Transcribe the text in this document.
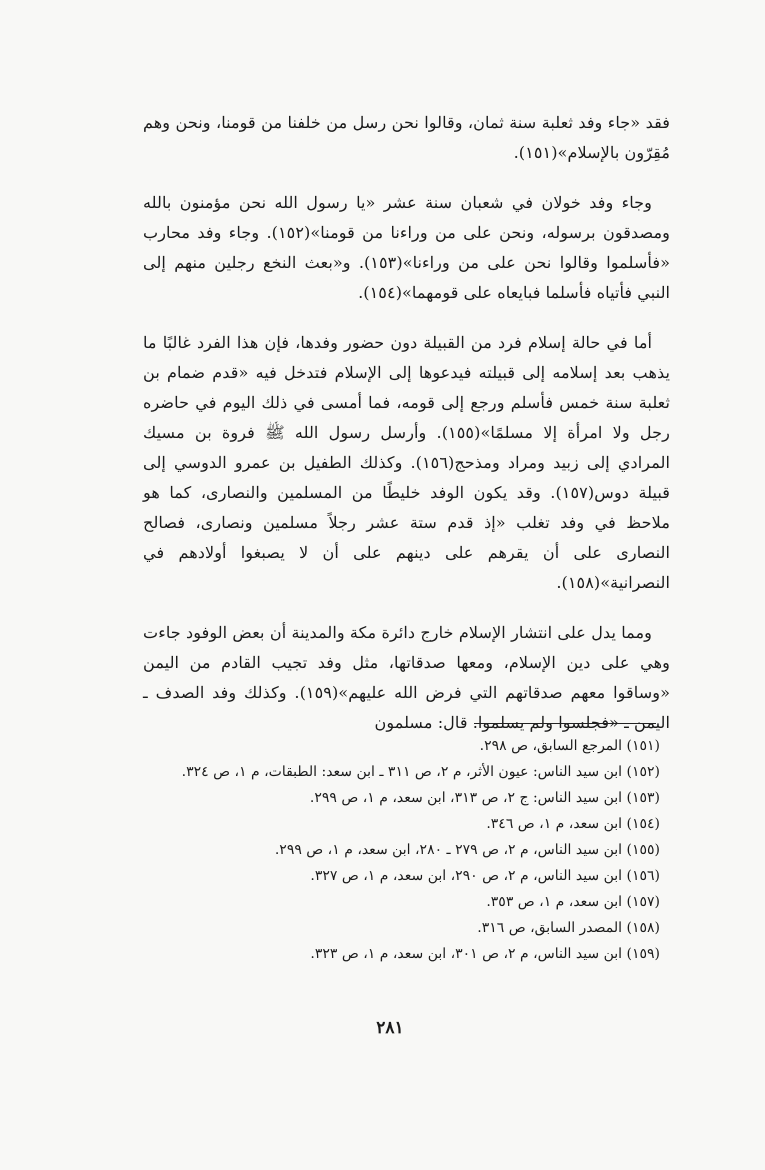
فقد «جاء وفد ثعلبة سنة ثمان، وقالوا نحن رسل من خلفنا من قومنا، ونحن وهم مُقِرّون بالإسلام»(١٥١).

وجاء وفد خولان في شعبان سنة عشر «يا رسول الله نحن مؤمنون بالله ومصدقون برسوله، ونحن على من وراءنا من قومنا»(١٥٢). وجاء وفد محارب «فأسلموا وقالوا نحن على من وراءنا»(١٥٣). و«بعث النخع رجلين منهم إلى النبي فأتياه فأسلما فبايعاه على قومهما»(١٥٤).

أما في حالة إسلام فرد من القبيلة دون حضور وفدها، فإن هذا الفرد غالبًا ما يذهب بعد إسلامه إلى قبيلته فيدعوها إلى الإسلام فتدخل فيه «قدم ضمام بن ثعلبة سنة خمس فأسلم ورجع إلى قومه، فما أمسى في ذلك اليوم في حاضره رجل ولا امرأة إلا مسلمًا»(١٥٥). وأرسل رسول الله ﷺ فروة بن مسيك المرادي إلى زبيد ومراد ومذحج(١٥٦). وكذلك الطفيل بن عمرو الدوسي إلى قبيلة دوس(١٥٧). وقد يكون الوفد خليطًا من المسلمين والنصارى، كما هو ملاحظ في وفد تغلب «إذ قدم ستة عشر رجلاً مسلمين ونصارى، فصالح النصارى على أن يقرهم على دينهم على أن لا يصبغوا أولادهم في النصرانية»(١٥٨).

ومما يدل على انتشار الإسلام خارج دائرة مكة والمدينة أن بعض الوفود جاءت وهي على دين الإسلام، ومعها صدقاتها، مثل وفد تجيب القادم من اليمن «وساقوا معهم صدقاتهم التي فرض الله عليهم»(١٥٩). وكذلك وفد الصدف ـ اليمن ـ «فجلسوا ولم يسلموا. قال: مسلمون

(١٥١) المرجع السابق، ص ٢٩٨.
(١٥٢) ابن سيد الناس: عيون الأثر، م ٢، ص ٣١١ ـ ابن سعد: الطبقات، م ١، ص ٣٢٤.
(١٥٣) ابن سيد الناس: ج ٢، ص ٣١٣، ابن سعد، م ١، ص ٢٩٩.
(١٥٤) ابن سعد، م ١، ص ٣٤٦.
(١٥٥) ابن سيد الناس، م ٢، ص ٢٧٩ ـ ٢٨٠، ابن سعد، م ١، ص ٢٩٩.
(١٥٦) ابن سيد الناس، م ٢، ص ٢٩٠، ابن سعد، م ١، ص ٣٢٧.
(١٥٧) ابن سعد، م ١، ص ٣٥٣.
(١٥٨) المصدر السابق، ص ٣١٦.
(١٥٩) ابن سيد الناس، م ٢، ص ٣٠١، ابن سعد، م ١، ص ٣٢٣.
٢٨١
